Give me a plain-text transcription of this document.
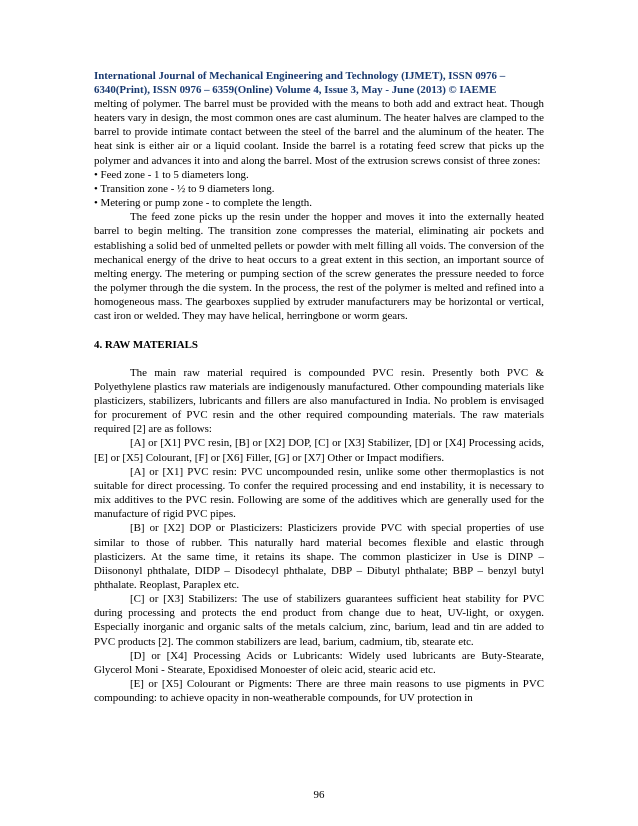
International Journal of Mechanical Engineering and Technology (IJMET), ISSN 0976 –
6340(Print), ISSN 0976 – 6359(Online) Volume 4, Issue 3, May - June (2013) © IAEME

melting of polymer. The barrel must be provided with the means to both add and extract heat. Though heaters vary in design, the most common ones are cast aluminum. The heater halves are clamped to the barrel to provide intimate contact between the steel of the barrel and the aluminum of the heater. The heat sink is either air or a liquid coolant. Inside the barrel is a rotating feed screw that picks up the polymer and advances it into and along the barrel. Most of the extrusion screws consist of three zones:

• Feed zone - 1 to 5 diameters long.

• Transition zone - ½ to 9 diameters long.

• Metering or pump zone - to complete the length.

The feed zone picks up the resin under the hopper and moves it into the externally heated barrel to begin melting. The transition zone compresses the material, eliminating air pockets and establishing a solid bed of unmelted pellets or powder with melt filling all voids. The conversion of the mechanical energy of the drive to heat occurs to a great extent in this section, an important source of melting energy. The metering or pumping section of the screw generates the pressure needed to force the polymer through the die system. In the process, the rest of the polymer is melted and refined into a homogeneous mass. The gearboxes supplied by extruder manufacturers may be horizontal or vertical, cast iron or welded. They may have helical, herringbone or worm gears.

4. RAW MATERIALS

The main raw material required is compounded PVC resin. Presently both PVC & Polyethylene plastics raw materials are indigenously manufactured. Other compounding materials like plasticizers, stabilizers, lubricants and fillers are also manufactured in India. No problem is envisaged for procurement of PVC resin and the other required compounding materials. The raw materials required [2] are as follows:

[A] or [X1] PVC resin, [B] or [X2] DOP, [C] or [X3] Stabilizer, [D] or [X4] Processing acids, [E] or [X5] Colourant, [F] or [X6] Filler, [G] or [X7] Other or Impact modifiers.

[A] or [X1] PVC resin: PVC uncompounded resin, unlike some other thermoplastics is not suitable for direct processing. To confer the required processing and end instability, it is necessary to mix additives to the PVC resin. Following are some of the additives which are generally used for the manufacture of rigid PVC pipes.

[B] or [X2] DOP or Plasticizers: Plasticizers provide PVC with special properties of use similar to those of rubber. This naturally hard material becomes flexible and elastic through plasticizers. At the same time, it retains its shape. The common plasticizer in Use is DINP – Diisononyl phthalate, DIDP – Disodecyl phthalate, DBP – Dibutyl phthalate; BBP – benzyl butyl phthalate. Reoplast, Paraplex etc.

[C] or [X3] Stabilizers: The use of stabilizers guarantees sufficient heat stability for PVC during processing and protects the end product from change due to heat, UV-light, or oxygen. Especially inorganic and organic salts of the metals calcium, zinc, barium, lead and tin are added to PVC products [2]. The common stabilizers are lead, barium, cadmium, tib, stearate etc.

[D] or [X4] Processing Acids or Lubricants: Widely used lubricants are Buty-Stearate, Glycerol Moni - Stearate, Epoxidised Monoester of oleic acid, stearic acid etc.

[E] or [X5] Colourant or Pigments: There are three main reasons to use pigments in PVC compounding: to achieve opacity in non-weatherable compounds, for UV protection in

96
